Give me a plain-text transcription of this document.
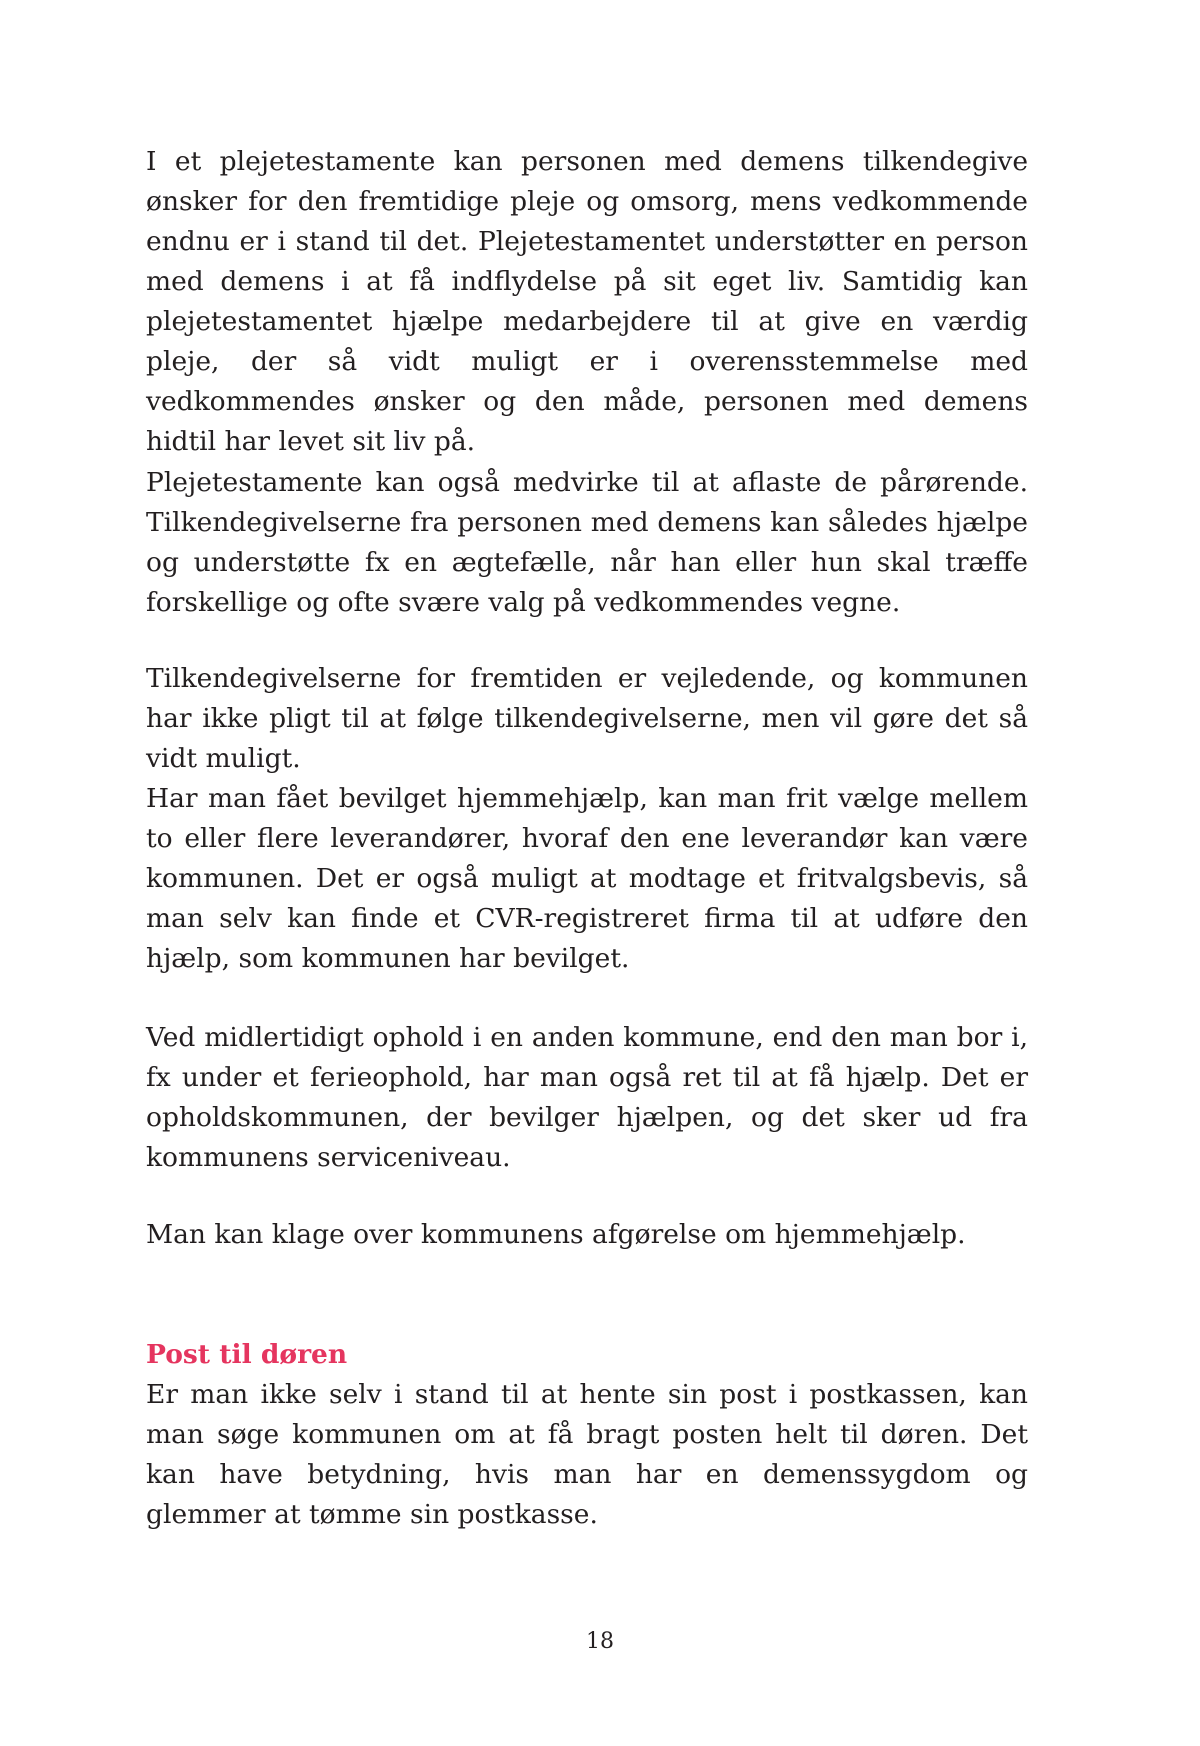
I et plejetestamente kan personen med demens tilkendegive ønsker for den fremtidige pleje og omsorg, mens vedkommende endnu er i stand til det. Plejetestamentet understøtter en person med demens i at få indflydelse på sit eget liv. Samtidig kan plejetestamentet hjælpe medarbejdere til at give en værdig pleje, der så vidt muligt er i overensstemmelse med vedkommendes ønsker og den måde, personen med demens hidtil har levet sit liv på.

Plejetestamente kan også medvirke til at aflaste de pårørende. Tilkendegivelserne fra personen med demens kan således hjælpe og understøtte fx en ægtefælle, når han eller hun skal træffe forskellige og ofte svære valg på vedkommendes vegne.

Tilkendegivelserne for fremtiden er vejledende, og kommunen har ikke pligt til at følge tilkendegivelserne, men vil gøre det så vidt muligt.

Har man fået bevilget hjemmehjælp, kan man frit vælge mellem to eller flere leverandører, hvoraf den ene leverandør kan være kommunen. Det er også muligt at modtage et fritvalgsbevis, så man selv kan finde et CVR-registreret firma til at udføre den hjælp, som kommunen har bevilget.

Ved midlertidigt ophold i en anden kommune, end den man bor i, fx under et ferieophold, har man også ret til at få hjælp. Det er opholdskommunen, der bevilger hjælpen, og det sker ud fra kommunens serviceniveau.

Man kan klage over kommunens afgørelse om hjemmehjælp.

Post til døren

Er man ikke selv i stand til at hente sin post i postkassen, kan man søge kommunen om at få bragt posten helt til døren. Det kan have betydning, hvis man har en demenssygdom og glemmer at tømme sin postkasse.

18
